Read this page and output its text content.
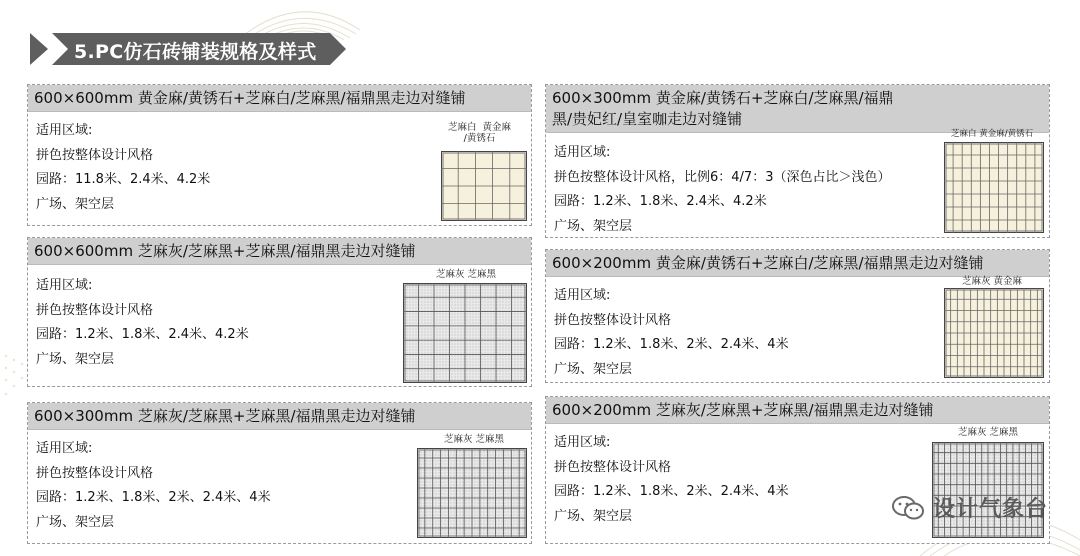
5.PC仿石砖铺装规格及样式
600×600mm 黄金麻/黄锈石+芝麻白/芝麻黑/福鼎黑走边对缝铺
适用区域:
拼色按整体设计风格
园路：11.8米、2.4米、4.2米
广场、架空层
芝麻白  黄金麻
/黄锈石
600×600mm 芝麻灰/芝麻黑+芝麻黑/福鼎黑走边对缝铺
适用区域:
拼色按整体设计风格
园路：1.2米、1.8米、2.4米、4.2米
广场、架空层
芝麻灰 芝麻黑
600×300mm 芝麻灰/芝麻黑+芝麻黑/福鼎黑走边对缝铺
适用区域:
拼色按整体设计风格
园路：1.2米、1.8米、2米、2.4米、4米
广场、架空层
芝麻灰 芝麻黑
600×300mm 黄金麻/黄锈石+芝麻白/芝麻黑/福鼎黑/贵妃红/皇室咖走边对缝铺
适用区域:
拼色按整体设计风格，比例6：4/7：3（深色占比＞浅色）
园路：1.2米、1.8米、2.4米、4.2米
广场、架空层
芝麻白 黄金麻/黄锈石
600×200mm 黄金麻/黄锈石+芝麻白/芝麻黑/福鼎黑走边对缝铺
适用区域:
拼色按整体设计风格
园路：1.2米、1.8米、2米、2.4米、4米
广场、架空层
芝麻灰 黄金麻
600×200mm 芝麻灰/芝麻黑+芝麻黑/福鼎黑走边对缝铺
适用区域:
拼色按整体设计风格
园路：1.2米、1.8米、2米、2.4米、4米
广场、架空层
芝麻灰 芝麻黑
设计气象台
